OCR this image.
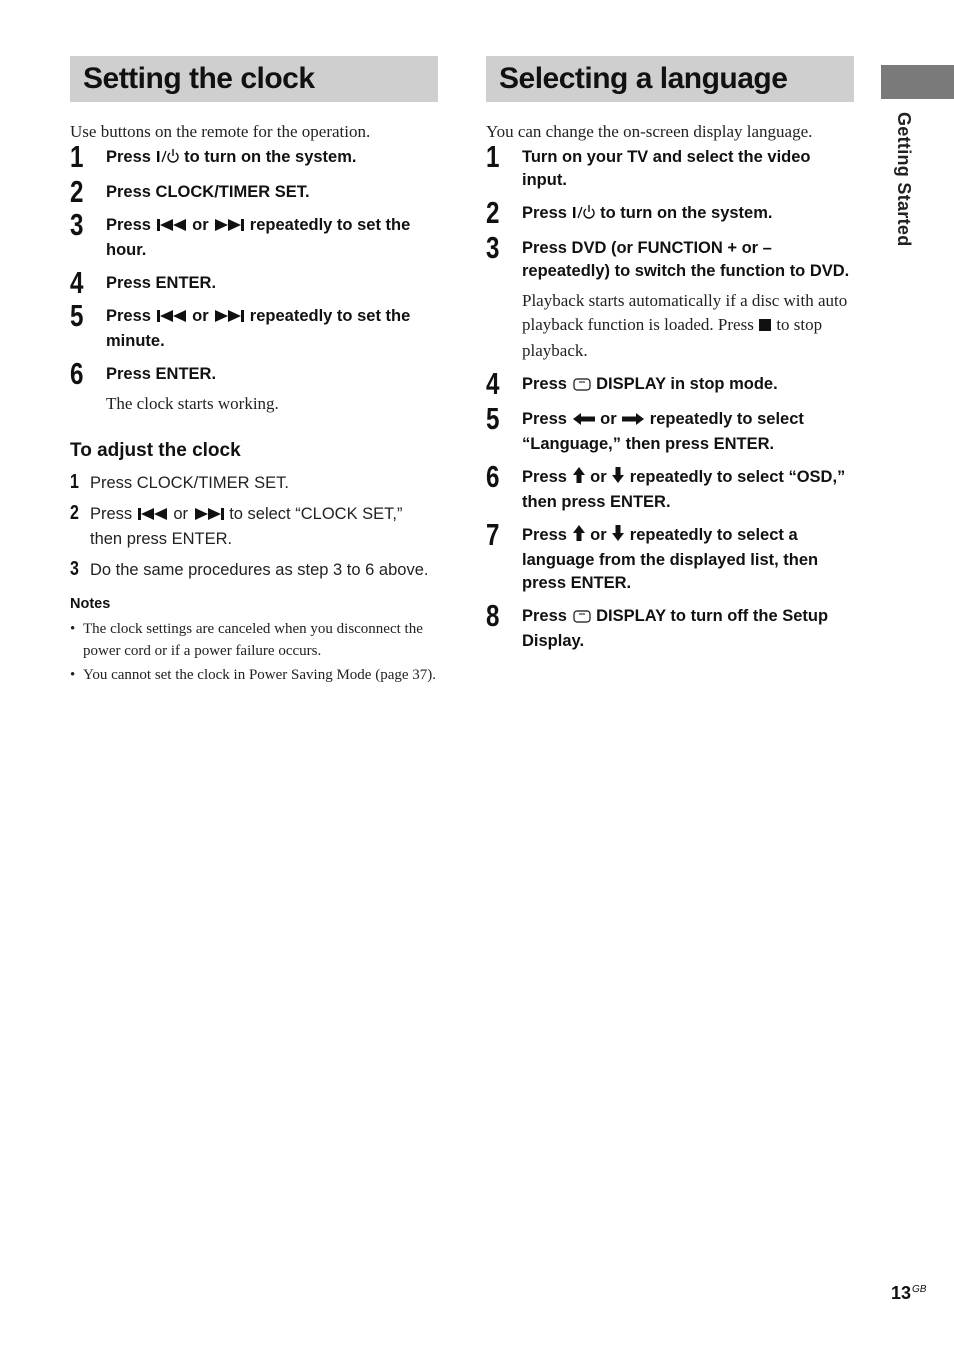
Setting the clock
Use buttons on the remote for the operation.
1 Press I to turn on the system.
2 Press CLOCK/TIMER SET.
3 Press  or  repeatedly to set the hour.
4 Press ENTER.
5 Press  or  repeatedly to set the minute.
6 Press ENTER.
The clock starts working.
To adjust the clock
1 Press CLOCK/TIMER SET.
2 Press  or  to select “CLOCK SET,” then press ENTER.
3 Do the same procedures as step 3 to 6 above.
Notes
• The clock settings are canceled when you disconnect the power cord or if a power failure occurs.
• You cannot set the clock in Power Saving Mode (page 37).
Selecting a language
You can change the on-screen display language.
1 Turn on your TV and select the video input.
2 Press I to turn on the system.
3 Press DVD (or FUNCTION + or – repeatedly) to switch the function to DVD.
Playback starts automatically if a disc with auto playback function is loaded. Press  to stop playback.
4 Press  DISPLAY in stop mode.
5 Press  or  repeatedly to select “Language,” then press ENTER.
6 Press  or  repeatedly to select “OSD,” then press ENTER.
7 Press  or  repeatedly to select a language from the displayed list, then press ENTER.
8 Press  DISPLAY to turn off the Setup Display.
Getting Started
$13^{GB}$
